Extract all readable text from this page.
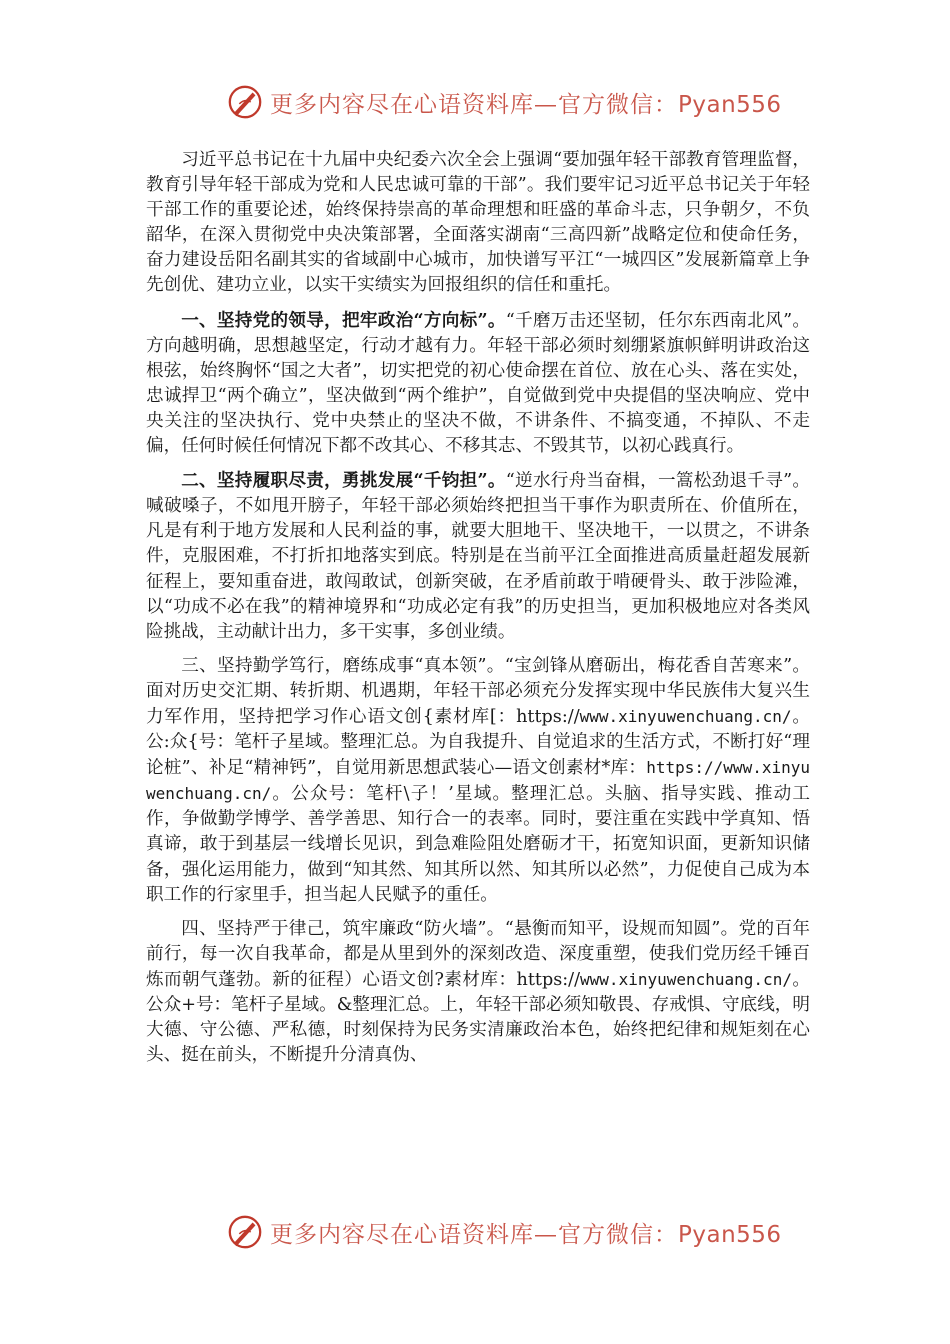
更多内容尽在心语资料库—官方微信：Pyan556

习近平总书记在十九届中央纪委六次全会上强调“要加强年轻干部教育管理监督，教育引导年轻干部成为党和人民忠诚可靠的干部”。我们要牢记习近平总书记关于年轻干部工作的重要论述，始终保持崇高的革命理想和旺盛的革命斗志，只争朝夕，不负韶华，在深入贯彻党中央决策部署，全面落实湖南“三高四新”战略定位和使命任务，奋力建设岳阳名副其实的省域副中心城市，加快谱写平江“一城四区”发展新篇章上争先创优、建功立业，以实干实绩实为回报组织的信任和重托。

一、坚持党的领导，把牢政治“方向标”。“千磨万击还坚韧，任尔东西南北风”。方向越明确，思想越坚定，行动才越有力。年轻干部必须时刻绷紧旗帜鲜明讲政治这根弦，始终胸怀“国之大者”，切实把党的初心使命摆在首位、放在心头、落在实处，忠诚捍卫“两个确立”，坚决做到“两个维护”，自觉做到党中央提倡的坚决响应、党中央关注的坚决执行、党中央禁止的坚决不做，不讲条件、不搞变通，不掉队、不走偏，任何时候任何情况下都不改其心、不移其志、不毁其节，以初心践真行。

二、坚持履职尽责，勇挑发展“千钧担”。“逆水行舟当奋楫，一篙松劲退千寻”。喊破嗓子，不如甩开膀子，年轻干部必须始终把担当干事作为职责所在、价值所在，凡是有利于地方发展和人民利益的事，就要大胆地干、坚决地干，一以贯之，不讲条件，克服困难，不打折扣地落实到底。特别是在当前平江全面推进高质量赶超发展新征程上，要知重奋进，敢闯敢试，创新突破，在矛盾前敢于啃硬骨头、敢于涉险滩，以“功成不必在我”的精神境界和“功成必定有我”的历史担当，更加积极地应对各类风险挑战，主动献计出力，多干实事，多创业绩。

三、坚持勤学笃行，磨练成事“真本领”。“宝剑锋从磨砺出，梅花香自苦寒来”。面对历史交汇期、转折期、机遇期，年轻干部必须充分发挥实现中华民族伟大复兴生力军作用，坚持把学习作心语文创{素材库[：https://www.xinyuwenchuang.cn/。公:众{号：笔杆子星域。整理汇总。为自我提升、自觉追求的生活方式，不断打好“理论桩”、补足“精神钙”，自觉用新思想武装心—语文创素材*库：https://www.xinyuwenchuang.cn/。公众号：笔杆\子！’星域。整理汇总。头脑、指导实践、推动工作，争做勤学博学、善学善思、知行合一的表率。同时，要注重在实践中学真知、悟真谛，敢于到基层一线增长见识，到急难险阻处磨砺才干，拓宽知识面，更新知识储备，强化运用能力，做到“知其然、知其所以然、知其所以必然”，力促使自己成为本职工作的行家里手，担当起人民赋予的重任。

四、坚持严于律己，筑牢廉政“防火墙”。“悬衡而知平，设规而知圆”。党的百年前行，每一次自我革命，都是从里到外的深刻改造、深度重塑，使我们党历经千锤百炼而朝气蓬勃。新的征程）心语文创?素材库：https://www.xinyuwenchuang.cn/。公众+号：笔杆子星域。&整理汇总。上，年轻干部必须知敬畏、存戒惧、守底线，明大德、守公德、严私德，时刻保持为民务实清廉政治本色，始终把纪律和规矩刻在心头、挺在前头，不断提升分清真伪、

更多内容尽在心语资料库—官方微信：Pyan556
